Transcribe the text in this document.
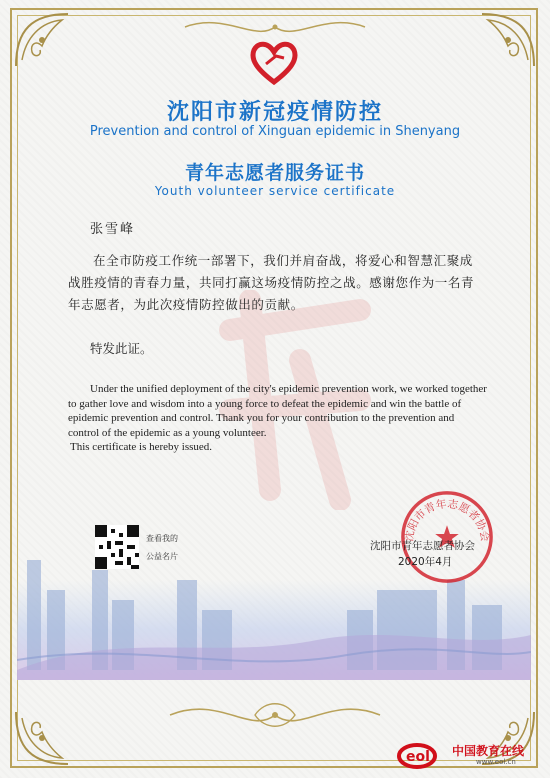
沈阳市新冠疫情防控
Prevention and control of Xinguan epidemic in Shenyang
青年志愿者服务证书
Youth volunteer service certificate
张雪峰

在全市防疫工作统一部署下，我们并肩奋战，将爱心和智慧汇聚成战胜疫情的青春力量，共同打赢这场疫情防控之战。感谢您作为一名青年志愿者，为此次疫情防控做出的贡献。

特发此证。

Under the unified deployment of the city's epidemic prevention work, we worked together to gather love and wisdom into a young force to defeat the epidemic and win the battle of epidemic prevention and control. Thank you for your contribution to the prevention and control of the epidemic as a young volunteer.

This certificate is hereby issued.
查看我的
公益名片
沈阳市青年志愿者协会
沈阳市青年志愿者协会
2020年4月
eol 中国教育在线
www.eol.cn
